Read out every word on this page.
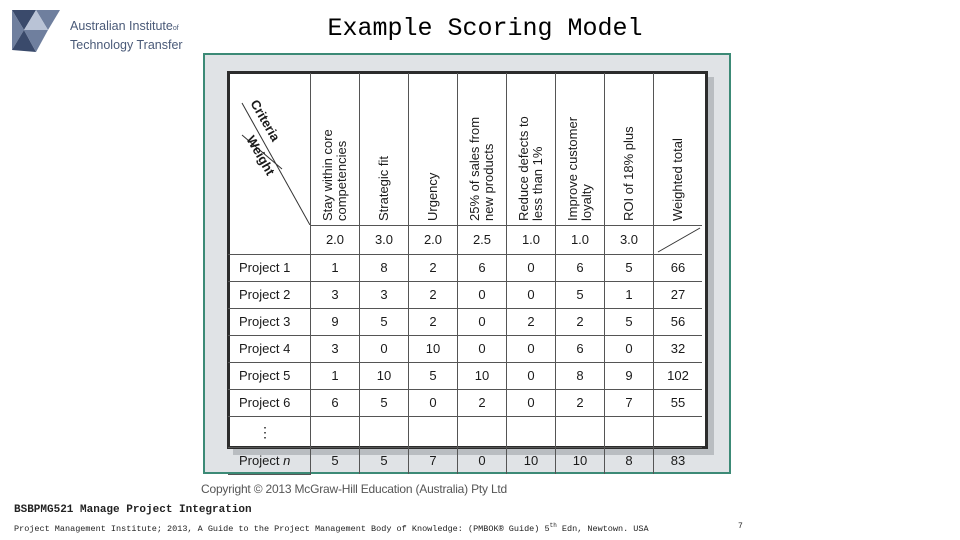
Australian Instituteof
Technology Transfer
Example Scoring Model
Criteria
Weight	Stay within core competencies	Strategic fit	Urgency	25% of sales from new products	Reduce defects to less than 1%	Improve customer loyalty	ROI of 18% plus	Weighted total

	2.0	3.0	2.0	2.5	1.0	1.0	3.0	

Project 1	1	8	2	6	0	6	5	66
Project 2	3	3	2	0	0	5	1	27
Project 3	9	5	2	0	2	2	5	56
Project 4	3	0	10	0	0	6	0	32
Project 5	1	10	5	10	0	8	9	102
Project 6	6	5	0	2	0	2	7	55
⋮								
Project n	5	5	7	0	10	10	8	83
Copyright © 2013 McGraw-Hill Education (Australia) Pty Ltd
BSBPMG521 Manage Project Integration
Project Management Institute; 2013, A Guide to the Project Management Body of Knowledge: (PMBOK® Guide) 5th Edn, Newtown. USA	7
